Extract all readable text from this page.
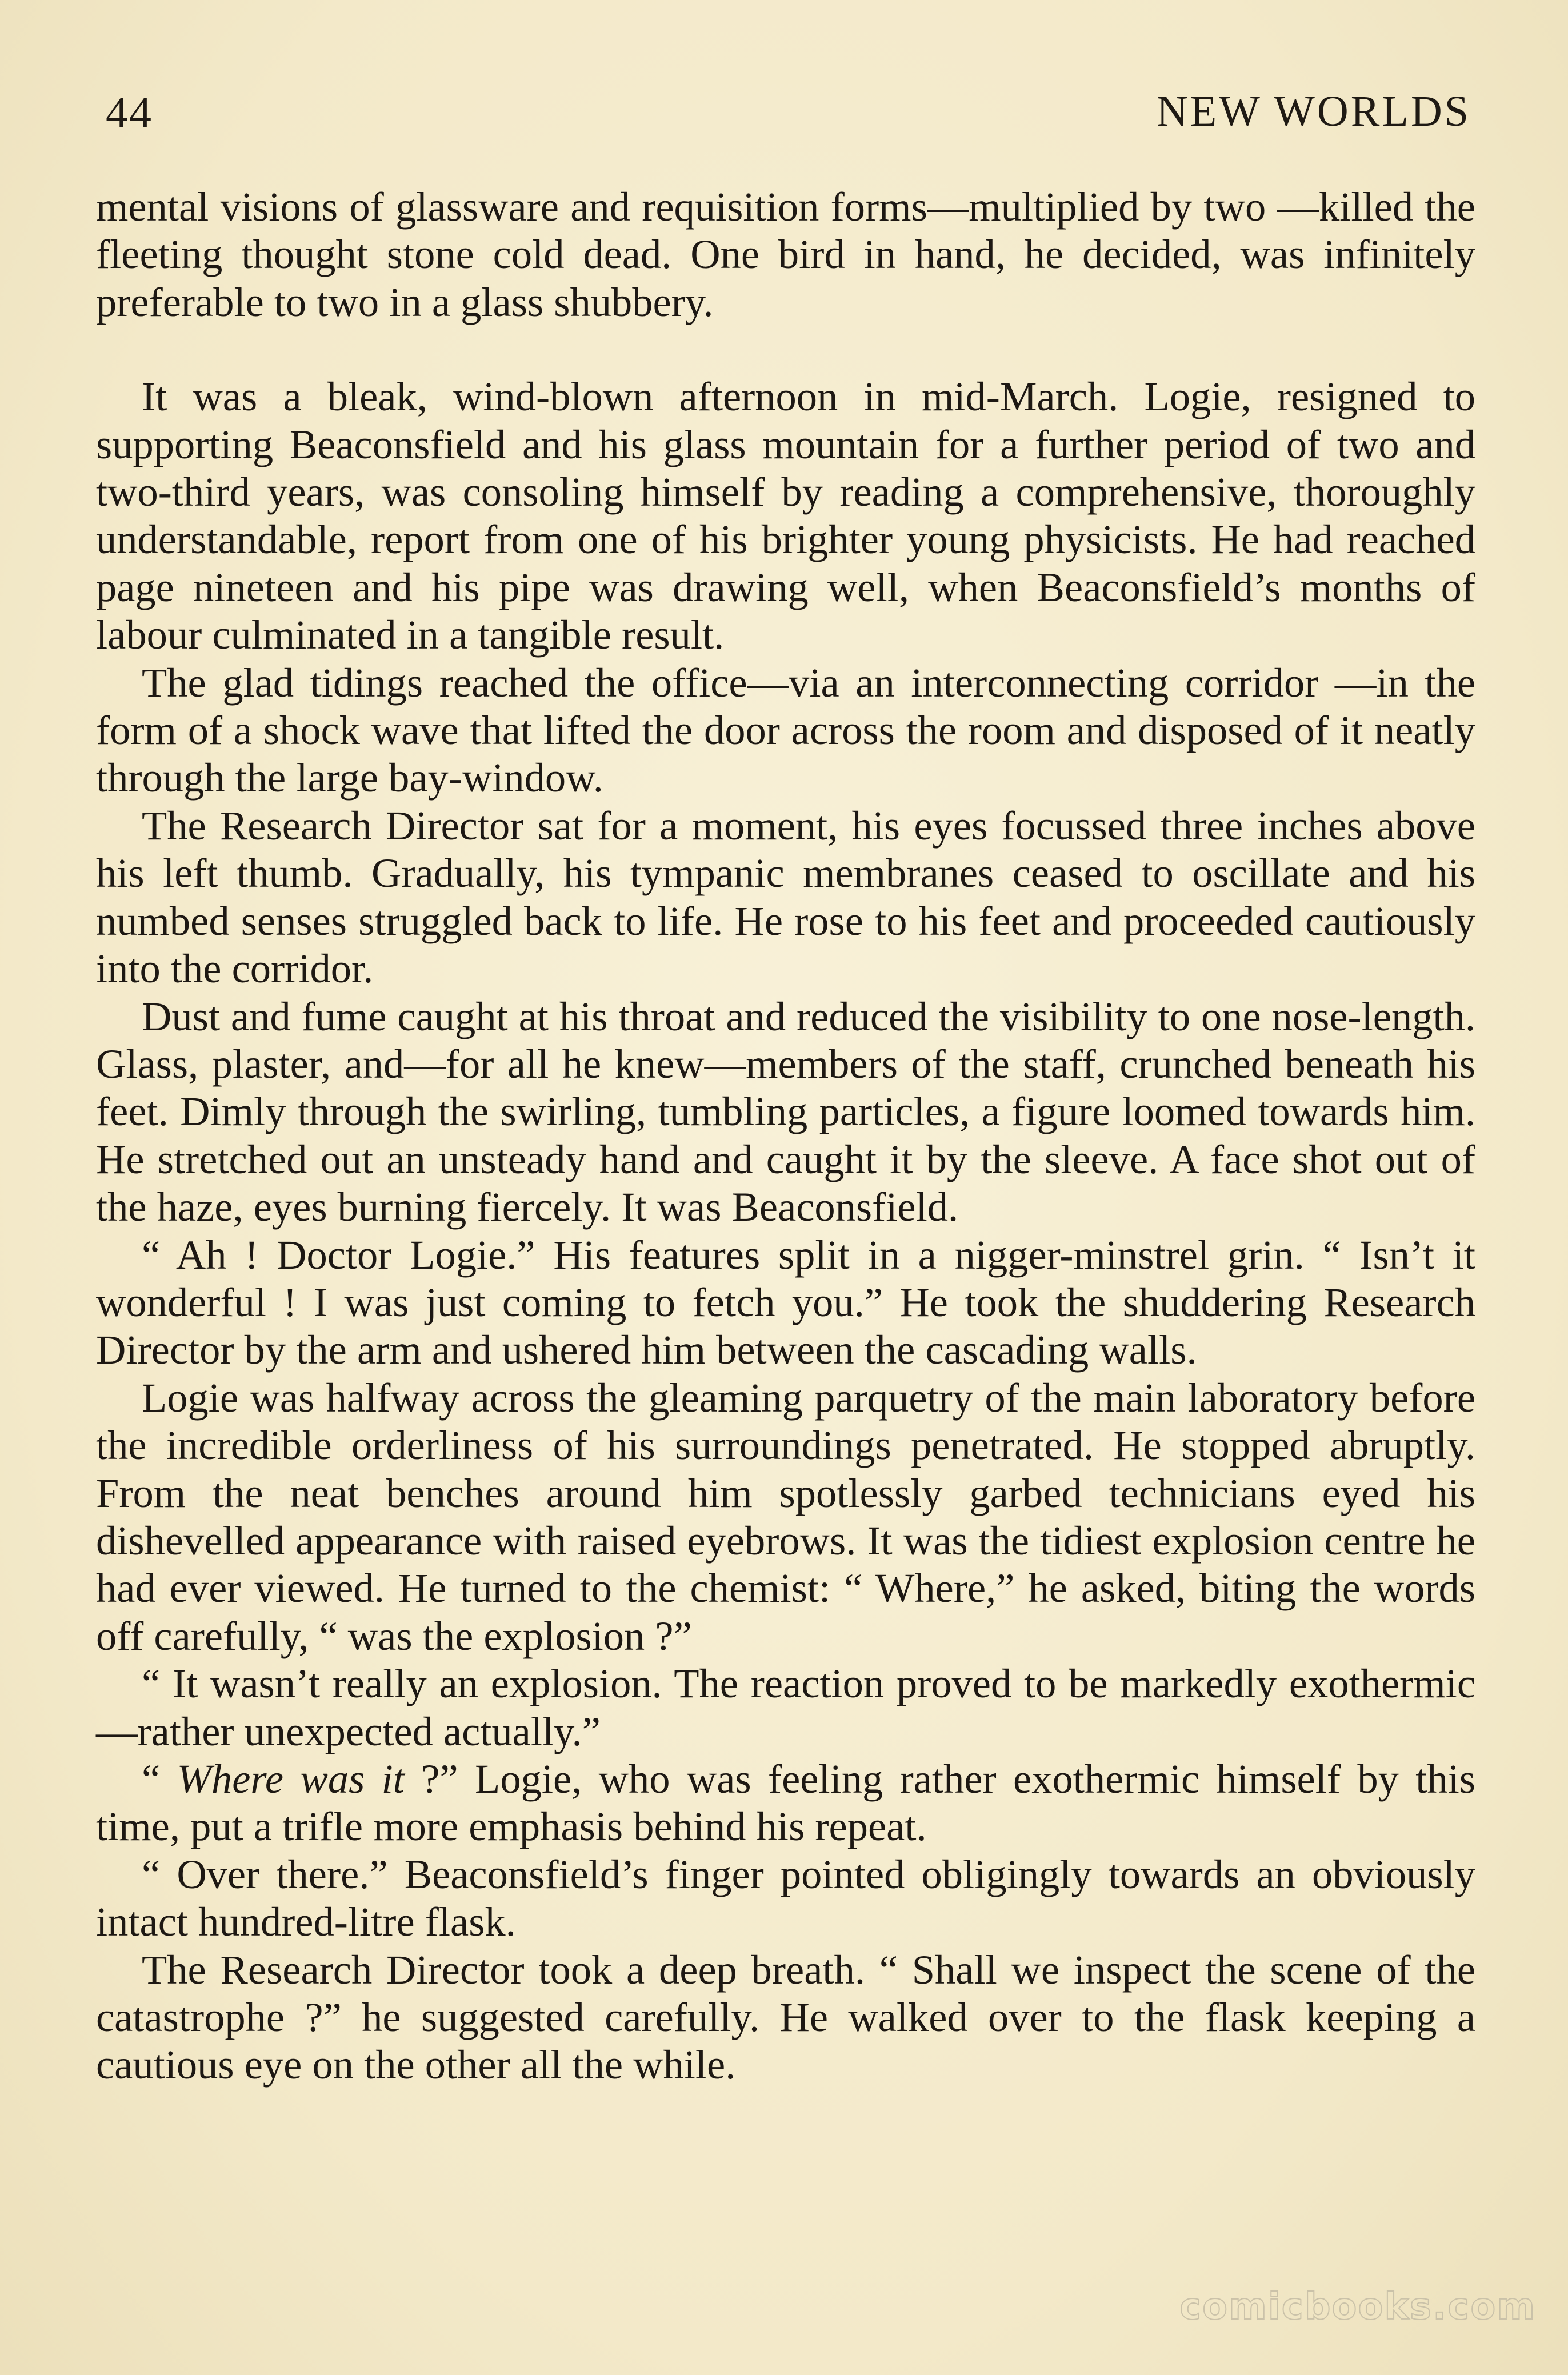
44	NEW WORLDS

mental visions of glassware and requisition forms—multiplied by two —killed the fleeting thought stone cold dead. One bird in hand, he decided, was infinitely preferable to two in a glass shubbery.

It was a bleak, wind-blown afternoon in mid-March. Logie, resigned to supporting Beaconsfield and his glass mountain for a further period of two and two-third years, was consoling himself by reading a comprehensive, thoroughly understandable, report from one of his brighter young physicists. He had reached page nineteen and his pipe was drawing well, when Beaconsfield’s months of labour culminated in a tangible result.

The glad tidings reached the office—via an interconnecting corridor —in the form of a shock wave that lifted the door across the room and disposed of it neatly through the large bay-window.

The Research Director sat for a moment, his eyes focussed three inches above his left thumb. Gradually, his tympanic membranes ceased to oscillate and his numbed senses struggled back to life. He rose to his feet and proceeded cautiously into the corridor.

Dust and fume caught at his throat and reduced the visibility to one nose-length. Glass, plaster, and—for all he knew—members of the staff, crunched beneath his feet. Dimly through the swirling, tumbling particles, a figure loomed towards him. He stretched out an unsteady hand and caught it by the sleeve. A face shot out of the haze, eyes burning fiercely. It was Beaconsfield.

“ Ah ! Doctor Logie.” His features split in a nigger-minstrel grin. “ Isn’t it wonderful ! I was just coming to fetch you.” He took the shuddering Research Director by the arm and ushered him between the cascading walls.

Logie was halfway across the gleaming parquetry of the main laboratory before the incredible orderliness of his surroundings penetrated. He stopped abruptly. From the neat benches around him spotlessly garbed technicians eyed his dishevelled appearance with raised eyebrows. It was the tidiest explosion centre he had ever viewed. He turned to the chemist: “ Where,” he asked, biting the words off carefully, “ was the explosion ?”

“ It wasn’t really an explosion. The reaction proved to be markedly exothermic—rather unexpected actually.”

“ Where was it ?” Logie, who was feeling rather exothermic himself by this time, put a trifle more emphasis behind his repeat.

“ Over there.” Beaconsfield’s finger pointed obligingly towards an obviously intact hundred-litre flask.

The Research Director took a deep breath. “ Shall we inspect the scene of the catastrophe ?” he suggested carefully. He walked over to the flask keeping a cautious eye on the other all the while.

comicbooks.com
